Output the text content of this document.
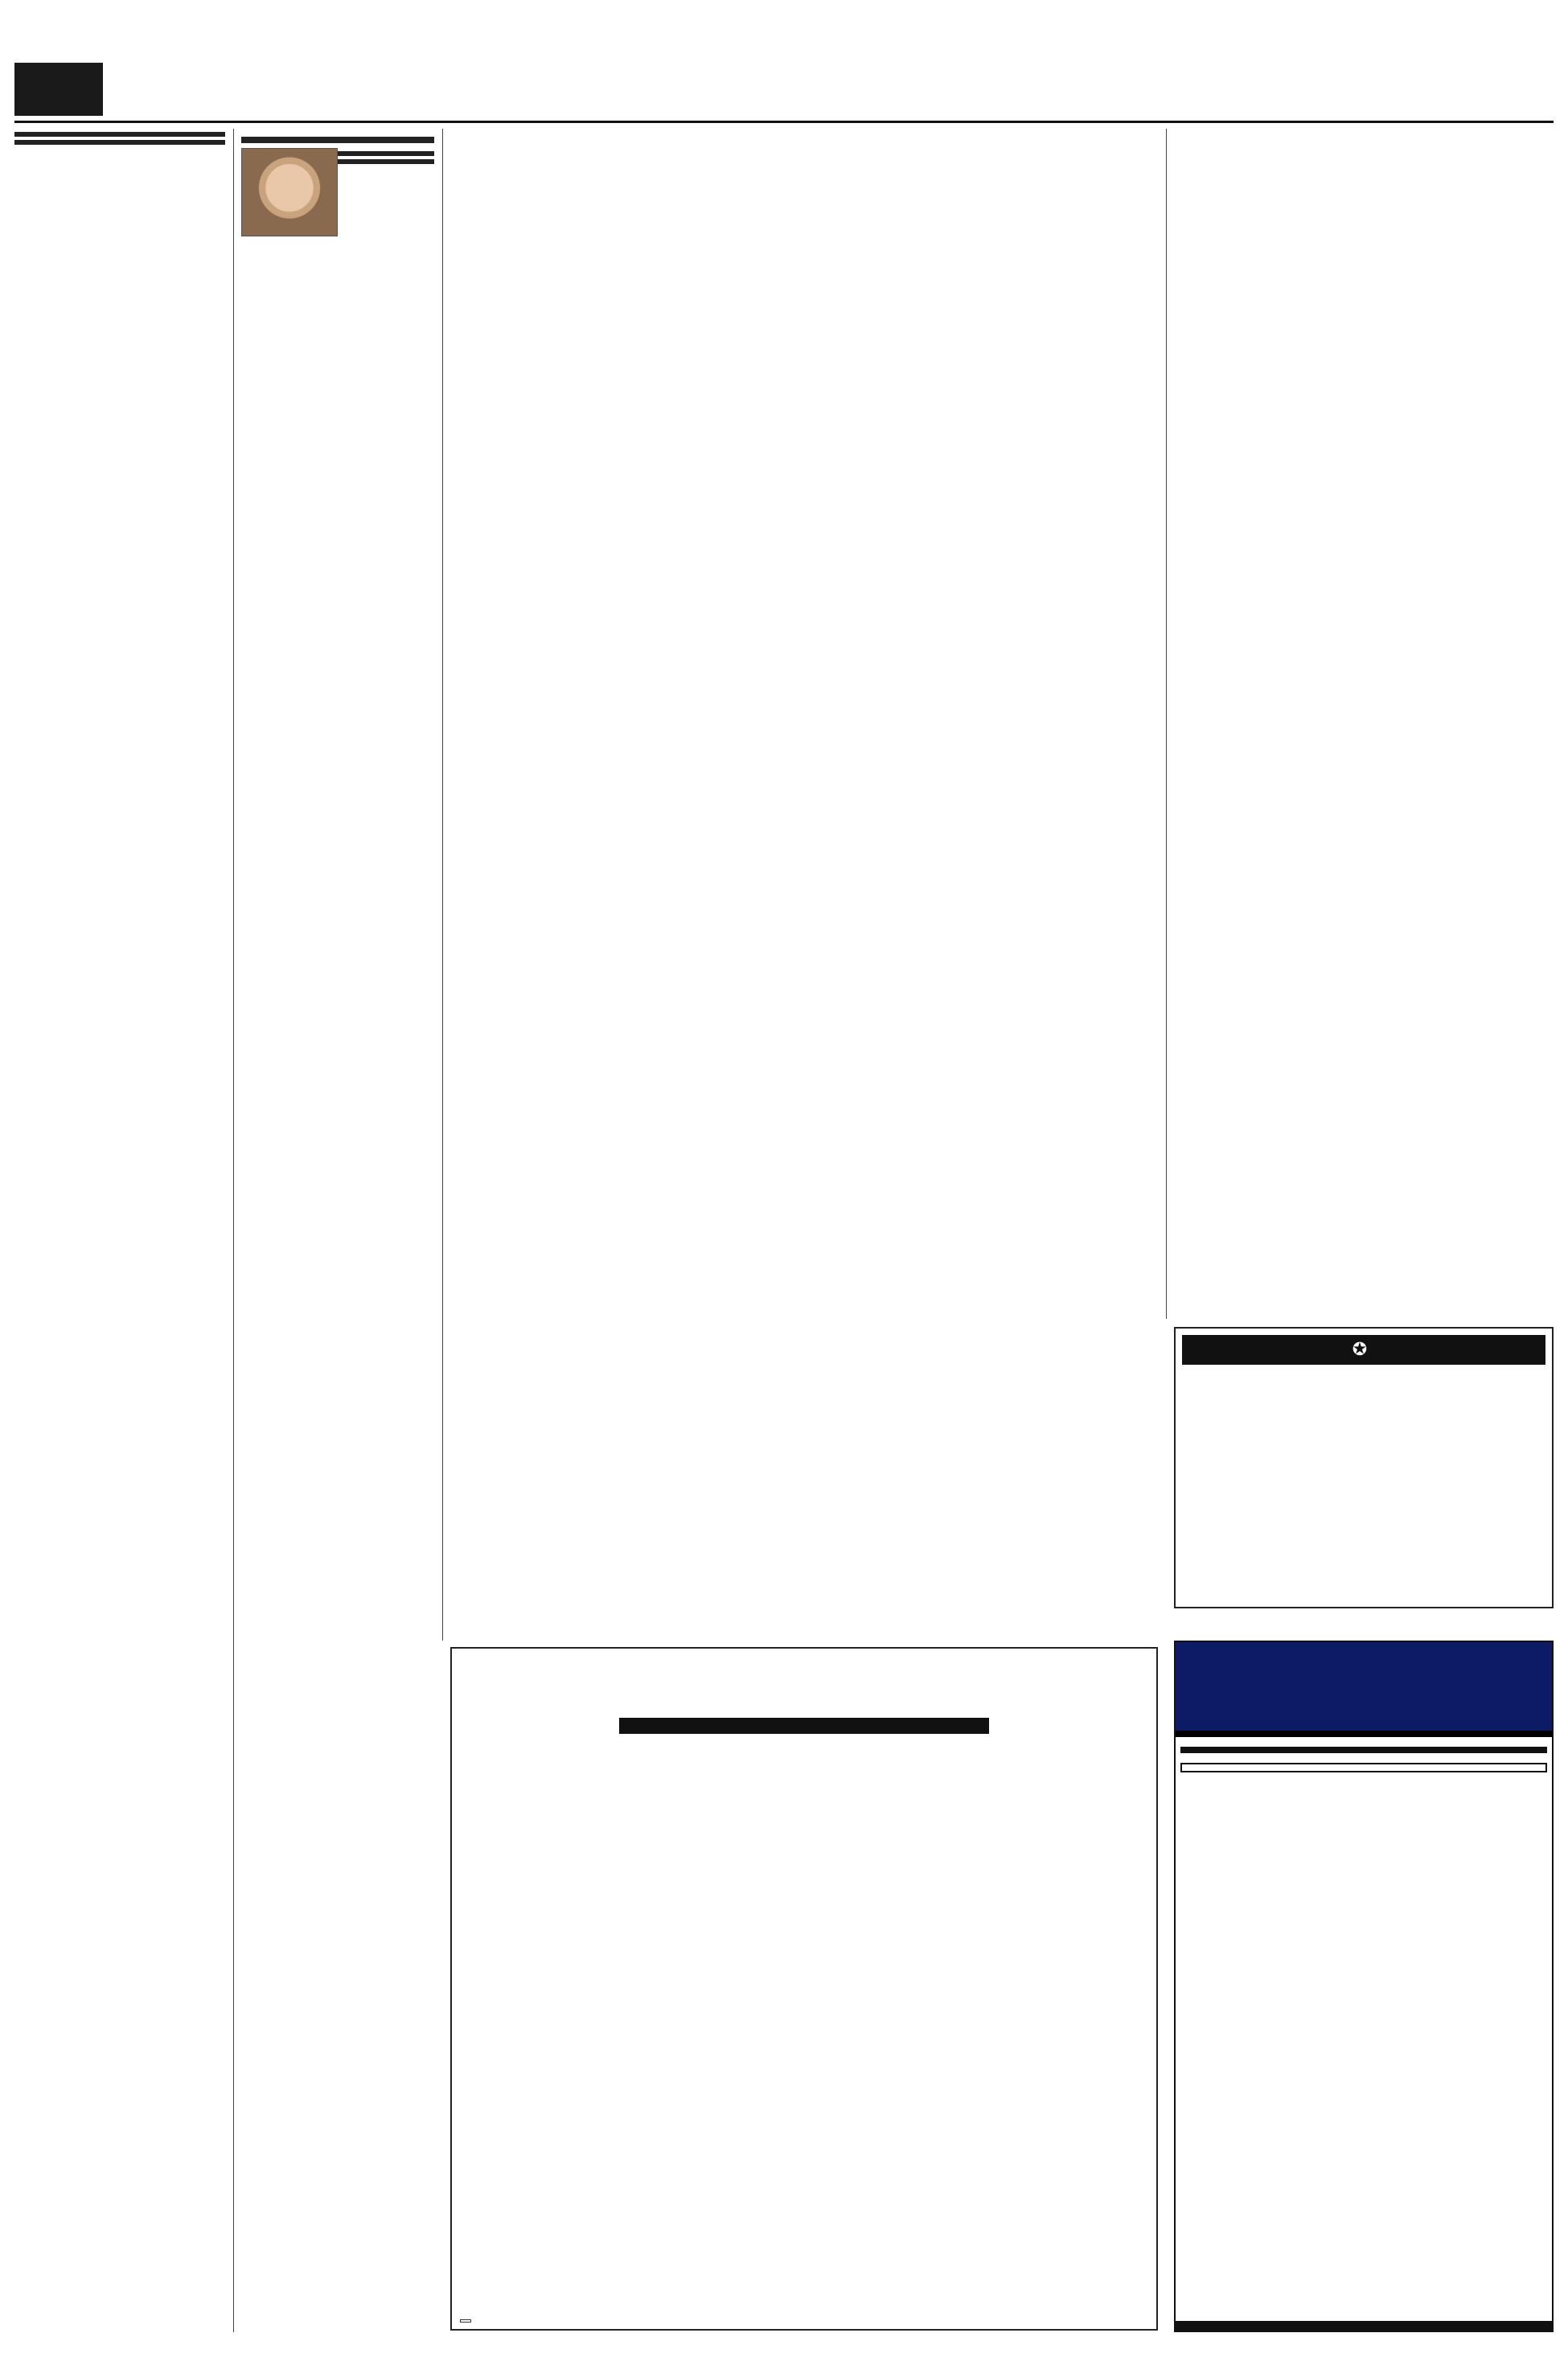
✪
